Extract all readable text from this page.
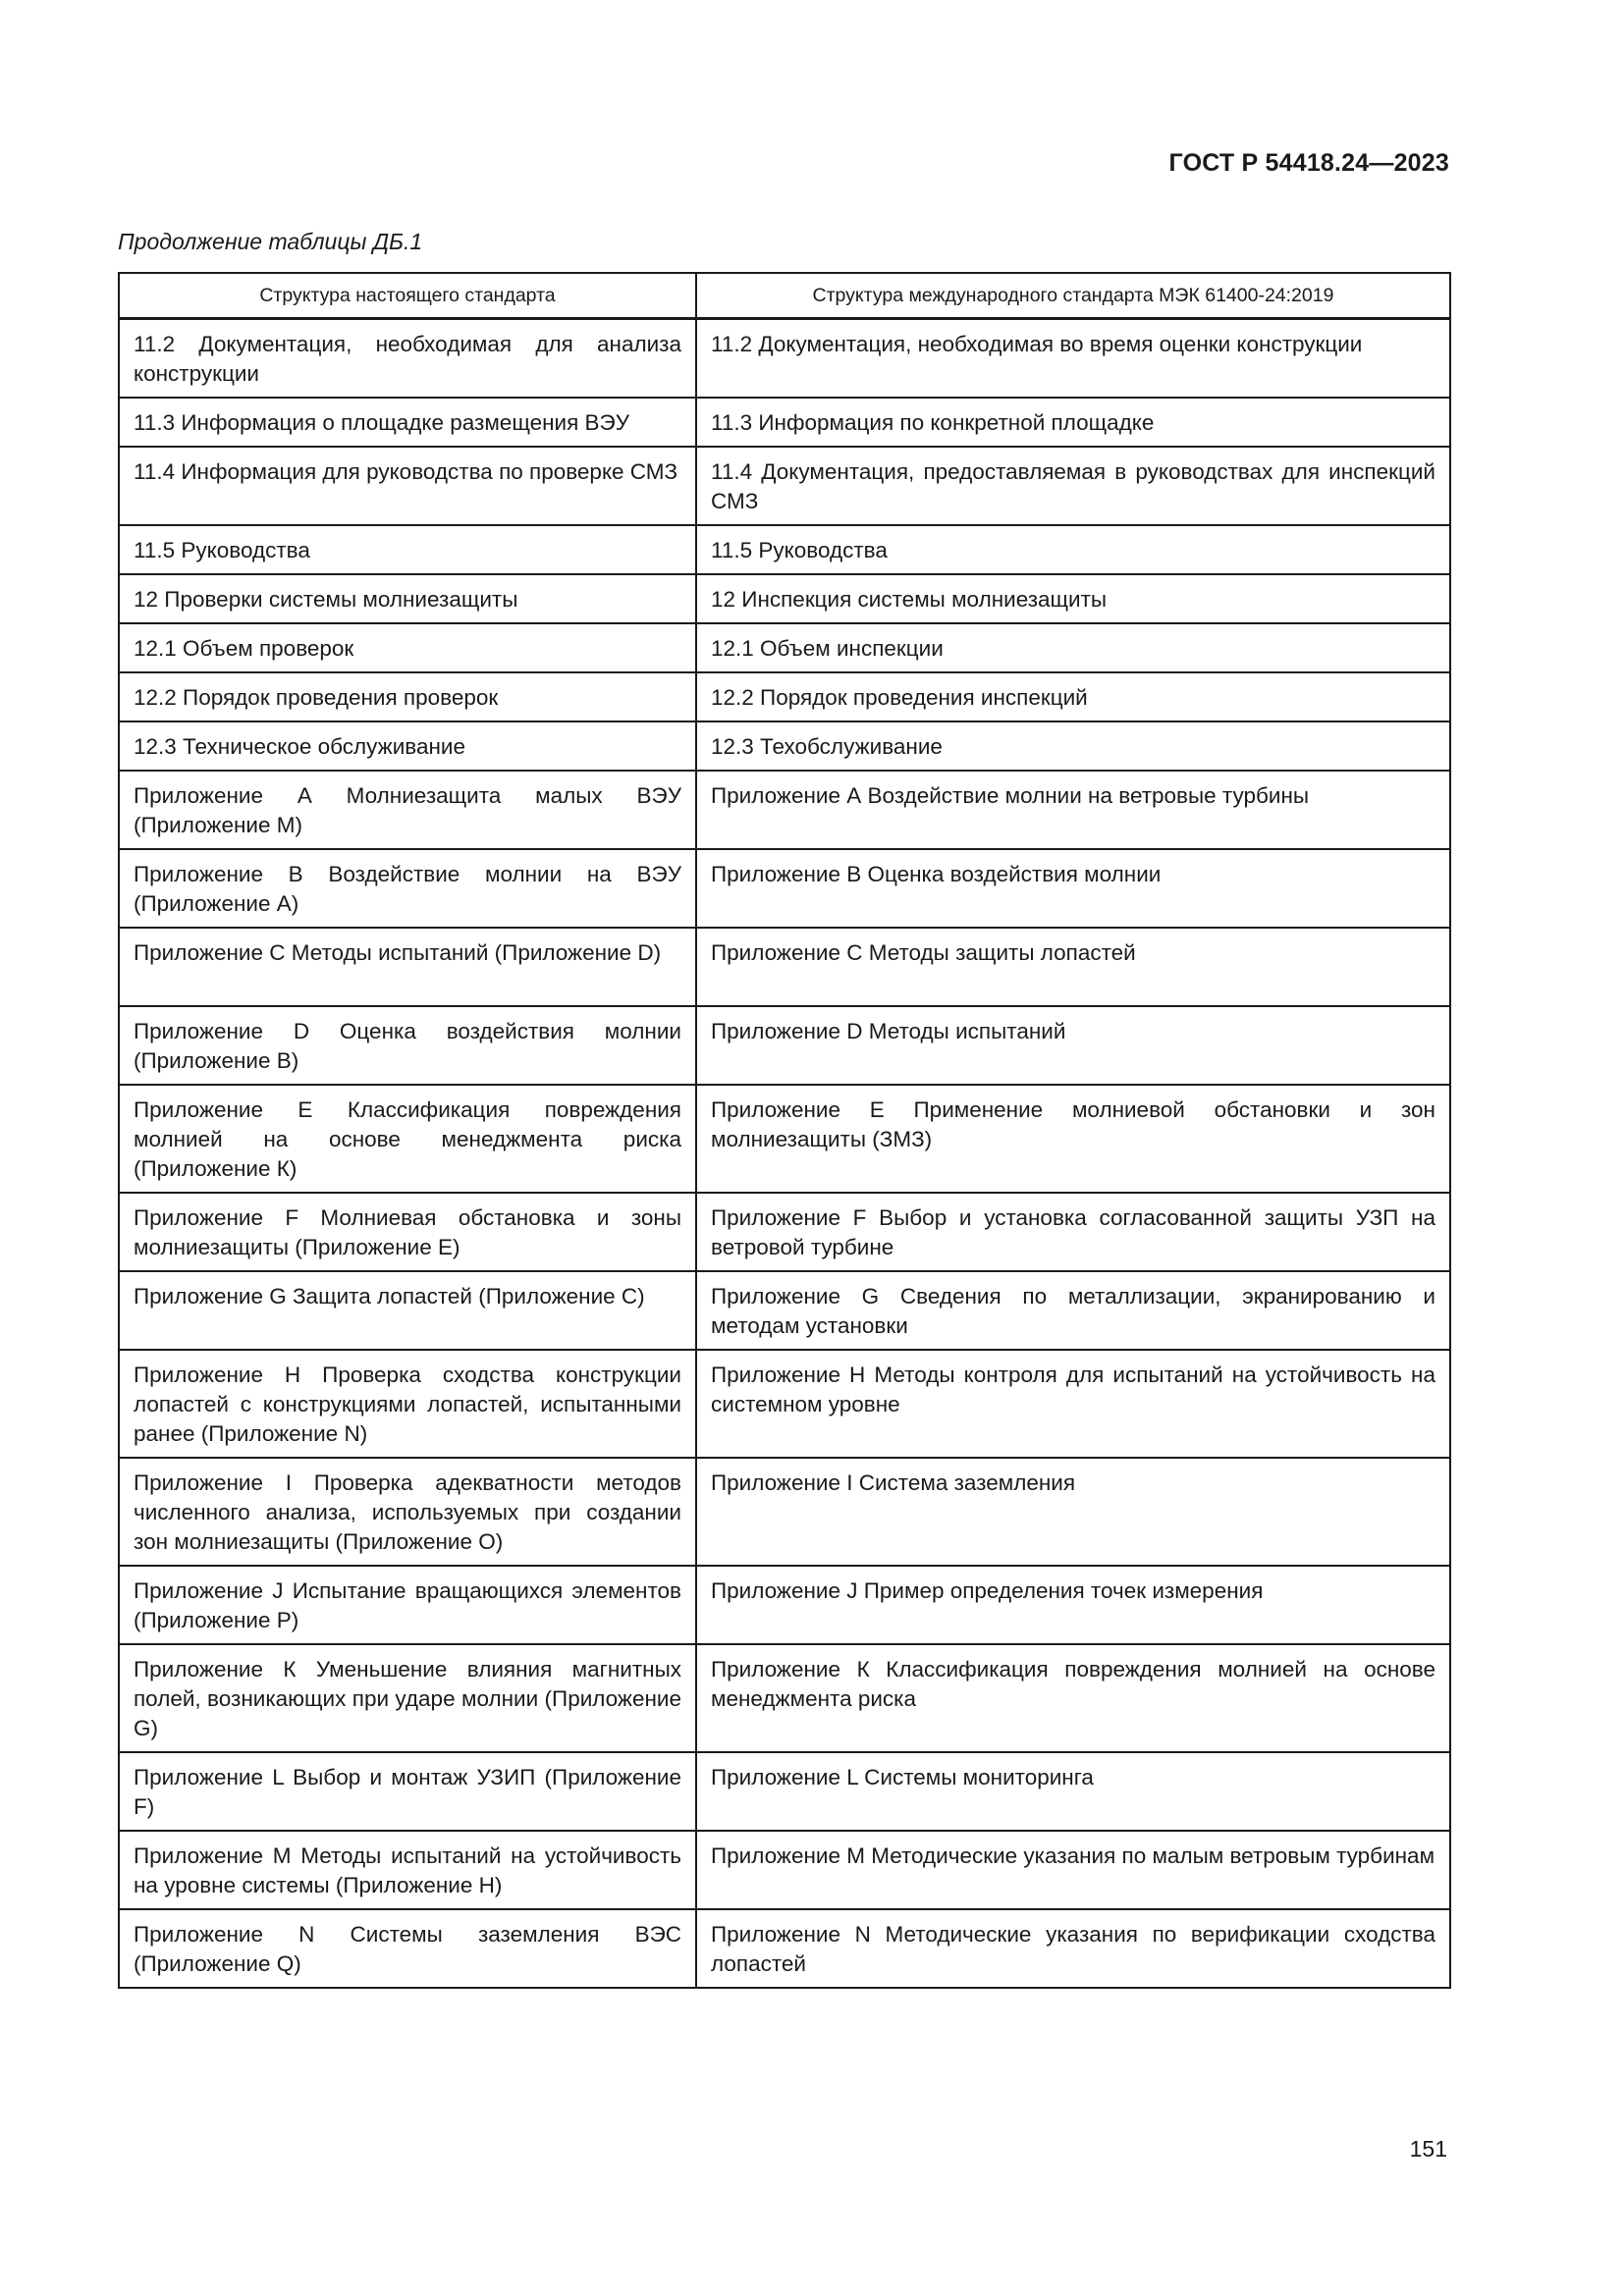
ГОСТ Р 54418.24—2023
Продолжение таблицы ДБ.1
Структура настоящего стандарта	Структура международного стандарта МЭК 61400-24:2019
11.2 Документация, необходимая для анализа конструкции	11.2 Документация, необходимая во время оценки конструкции
11.3 Информация о площадке размещения ВЭУ	11.3 Информация по конкретной площадке
11.4 Информация для руководства по проверке СМЗ	11.4 Документация, предоставляемая в руководствах для инспекций СМЗ
11.5 Руководства	11.5 Руководства
12 Проверки системы молниезащиты	12 Инспекция системы молниезащиты
12.1 Объем проверок	12.1 Объем инспекции
12.2 Порядок проведения проверок	12.2 Порядок проведения инспекций
12.3 Техническое обслуживание	12.3 Техобслуживание
Приложение А Молниезащита малых ВЭУ (Приложение М)	Приложение А Воздействие молнии на ветровые турбины
Приложение В Воздействие молнии на ВЭУ (Приложение А)	Приложение В Оценка воздействия молнии
Приложение С Методы испытаний (Приложение D)	Приложение С Методы защиты лопастей
Приложение D Оценка воздействия молнии (Приложение В)	Приложение D Методы испытаний
Приложение Е Классификация повреждения молнией на основе менеджмента риска (Приложение К)	Приложение Е Применение молниевой обстановки и зон молниезащиты (ЗМЗ)
Приложение F Молниевая обстановка и зоны молниезащиты (Приложение Е)	Приложение F Выбор и установка согласованной защиты УЗП на ветровой турбине
Приложение G Защита лопастей (Приложение С)	Приложение G Сведения по металлизации, экранированию и методам установки
Приложение Н Проверка сходства конструкции лопастей с конструкциями лопастей, испытанными ранее (Приложение N)	Приложение Н Методы контроля для испытаний на устойчивость на системном уровне
Приложение I Проверка адекватности методов численного анализа, используемых при создании зон молниезащиты (Приложение О)	Приложение I Система заземления
Приложение J Испытание вращающихся элементов (Приложение Р)	Приложение J Пример определения точек измерения
Приложение К Уменьшение влияния магнитных полей, возникающих при ударе молнии (Приложение G)	Приложение К Классификация повреждения молнией на основе менеджмента риска
Приложение L Выбор и монтаж УЗИП (Приложение F)	Приложение L Системы мониторинга
Приложение М Методы испытаний на устойчивость на уровне системы (Приложение Н)	Приложение М Методические указания по малым ветровым турбинам
Приложение N Системы заземления ВЭС (Приложение Q)	Приложение N Методические указания по верификации сходства лопастей
151
